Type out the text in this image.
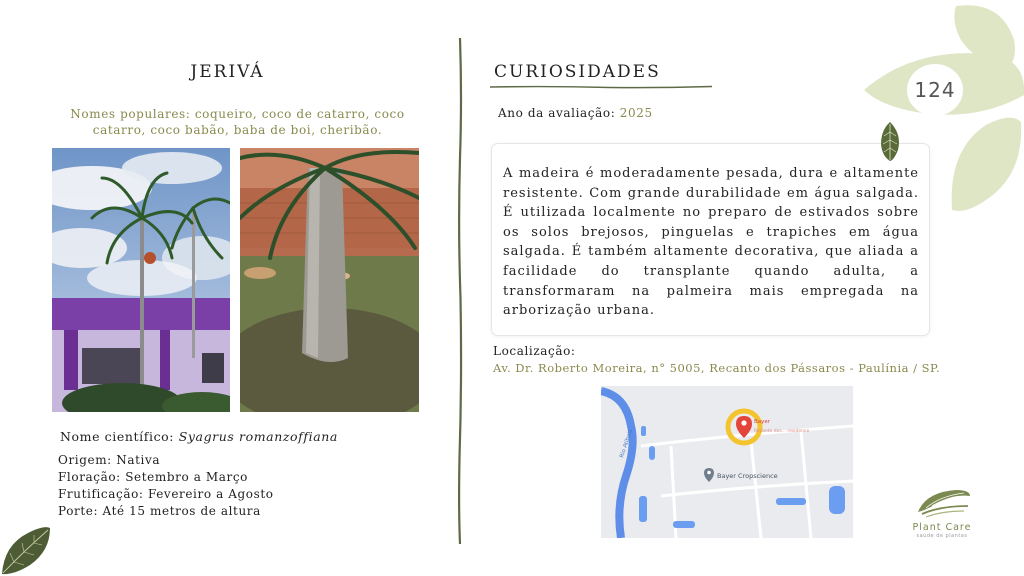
JERIVÁ
Nomes populares: coqueiro, coco de catarro, coco catarro, coco babão, baba de boi, cheribão.
Nome científico: Syagrus romanzoffiana
Origem: Nativa
Floração: Setembro a Março
Frutificação: Fevereiro a Agosto
Porte: Até 15 metros de altura
CURIOSIDADES
Ano da avaliação: 2025

A madeira é moderadamente pesada, dura e altamente resistente. Com grande durabilidade em água salgada. É utilizada localmente no preparo de estivados sobre os solos brejosos, pinguelas e trapiches em água salgada. É também altamente decorativa, que aliada a facilidade do transplante quando adulta, a transformaram na palmeira mais empregada na arborização urbana.

Localização:
Av. Dr. Roberto Moreira, n° 5005, Recanto dos Pássaros - Paulínia / SP.
Rio Atibaia
Bayer
Recanto dos... residence
Bayer Cropscience
124
Plant Care
saúde de plantas
